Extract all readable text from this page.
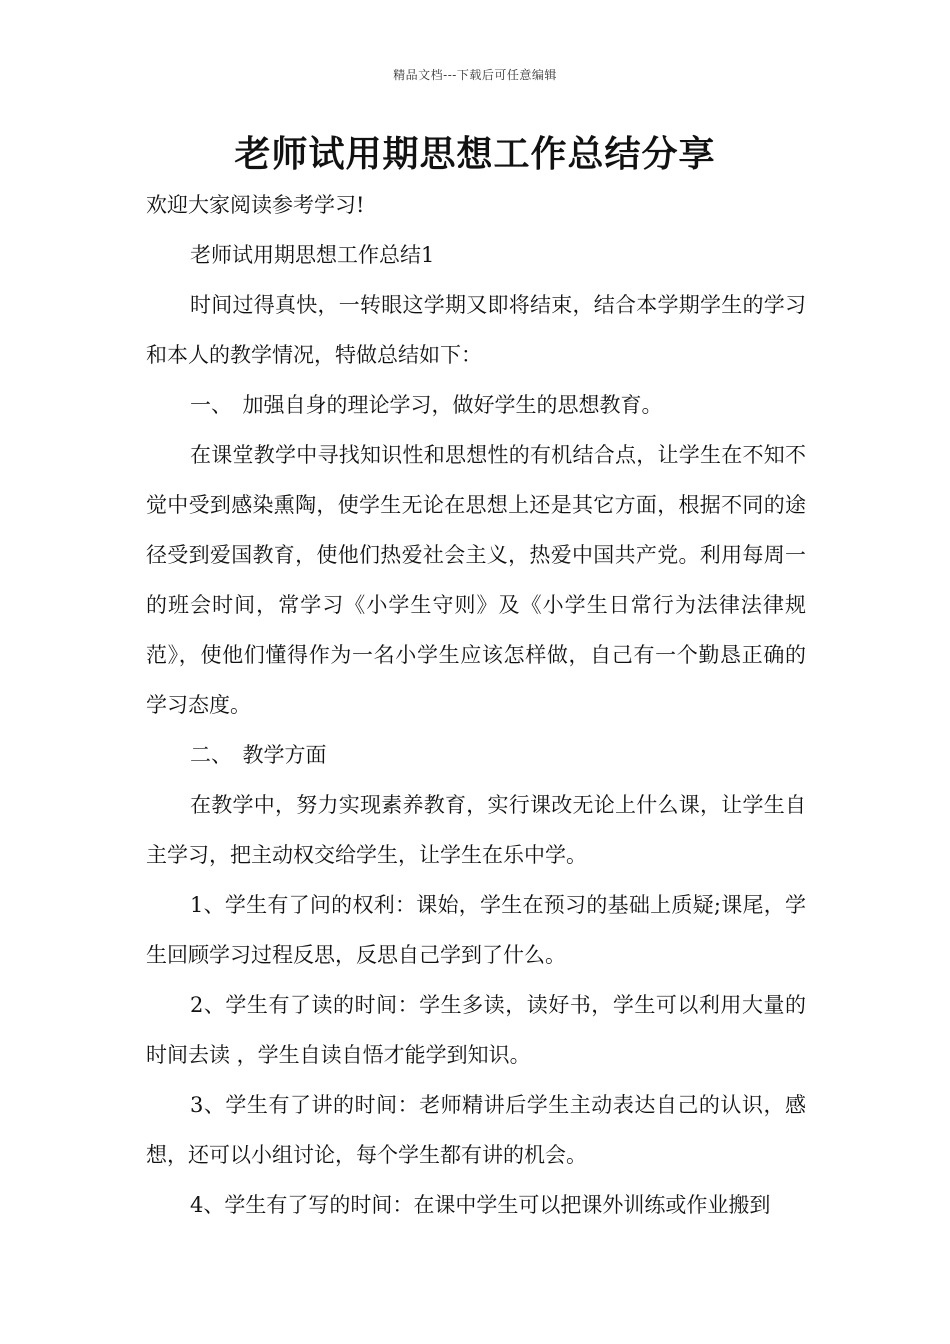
精品文档---下载后可任意编辑
老师试用期思想工作总结分享

欢迎大家阅读参考学习!

老师试用期思想工作总结1

时间过得真快，一转眼这学期又即将结束，结合本学期学生的学习和本人的教学情况，特做总结如下：

一、　加强自身的理论学习，做好学生的思想教育。

在课堂教学中寻找知识性和思想性的有机结合点，让学生在不知不觉中受到感染熏陶，使学生无论在思想上还是其它方面，根据不同的途径受到爱国教育，使他们热爱社会主义，热爱中国共产党。利用每周一的班会时间，常学习《小学生守则》及《小学生日常行为法律法律规范》，使他们懂得作为一名小学生应该怎样做，自己有一个勤恳正确的学习态度。

二、　教学方面

在教学中，努力实现素养教育，实行课改无论上什么课，让学生自主学习，把主动权交给学生，让学生在乐中学。

1、学生有了问的权利：课始，学生在预习的基础上质疑;课尾，学生回顾学习过程反思，反思自己学到了什么。

2、学生有了读的时间：学生多读，读好书，学生可以利用大量的时间去读 ，学生自读自悟才能学到知识。

3、学生有了讲的时间：老师精讲后学生主动表达自己的认识，感想，还可以小组讨论，每个学生都有讲的机会。

4、学生有了写的时间：在课中学生可以把课外训练或作业搬到
